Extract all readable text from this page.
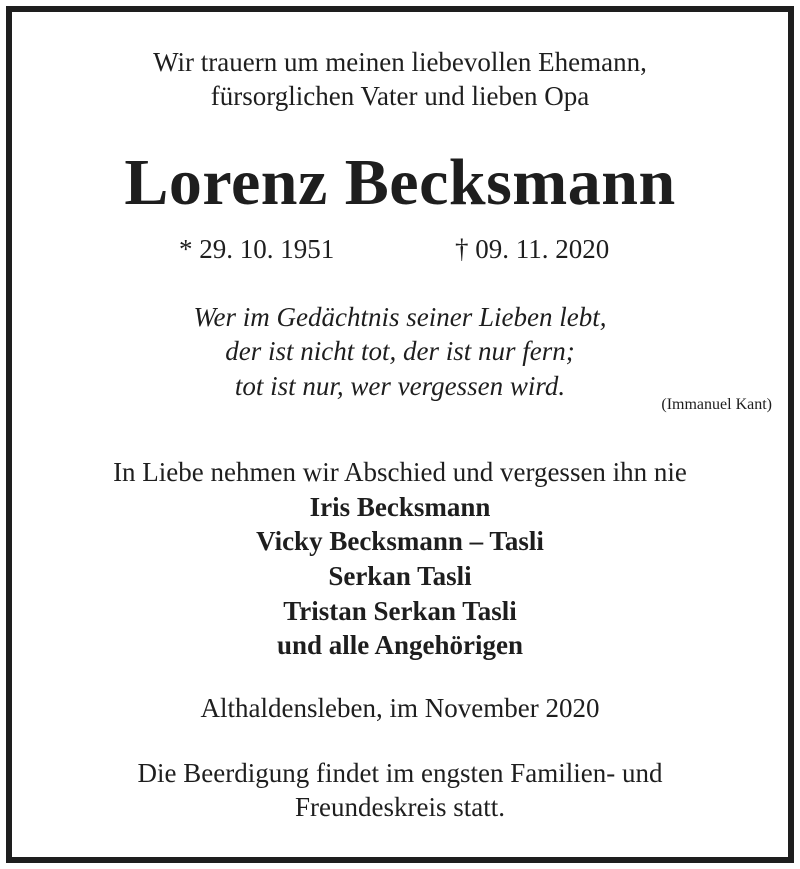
Wir trauern um meinen liebevollen Ehemann,
fürsorglichen Vater und lieben Opa
Lorenz Becksmann
* 29. 10. 1951	† 09. 11. 2020
Wer im Gedächtnis seiner Lieben lebt,
der ist nicht tot, der ist nur fern;
tot ist nur, wer vergessen wird.
(Immanuel Kant)
In Liebe nehmen wir Abschied und vergessen ihn nie
Iris Becksmann
Vicky Becksmann – Tasli
Serkan Tasli
Tristan Serkan Tasli
und alle Angehörigen
Althaldensleben, im November 2020
Die Beerdigung findet im engsten Familien- und
Freundeskreis statt.
